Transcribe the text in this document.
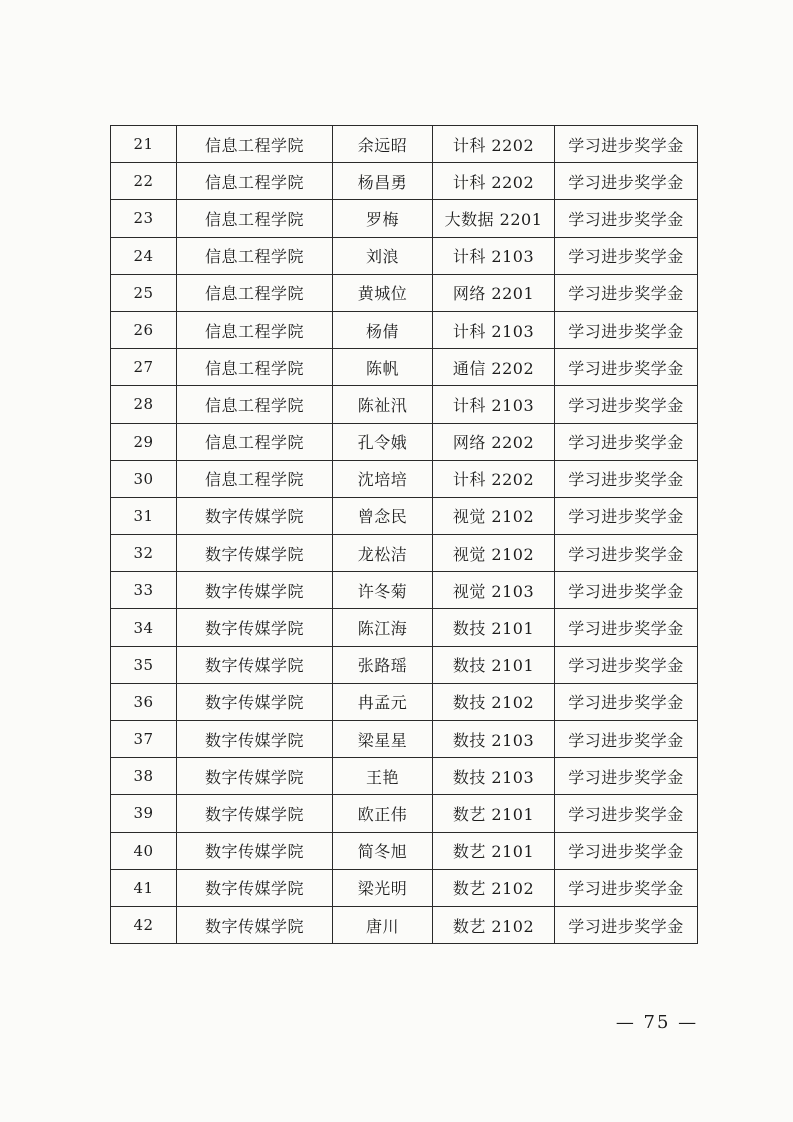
21	信息工程学院	余远昭	计科 2202	学习进步奖学金
22	信息工程学院	杨昌勇	计科 2202	学习进步奖学金
23	信息工程学院	罗梅	大数据 2201	学习进步奖学金
24	信息工程学院	刘浪	计科 2103	学习进步奖学金
25	信息工程学院	黄城位	网络 2201	学习进步奖学金
26	信息工程学院	杨倩	计科 2103	学习进步奖学金
27	信息工程学院	陈帆	通信 2202	学习进步奖学金
28	信息工程学院	陈祉汛	计科 2103	学习进步奖学金
29	信息工程学院	孔令娥	网络 2202	学习进步奖学金
30	信息工程学院	沈培培	计科 2202	学习进步奖学金
31	数字传媒学院	曾念民	视觉 2102	学习进步奖学金
32	数字传媒学院	龙松洁	视觉 2102	学习进步奖学金
33	数字传媒学院	许冬菊	视觉 2103	学习进步奖学金
34	数字传媒学院	陈江海	数技 2101	学习进步奖学金
35	数字传媒学院	张路瑶	数技 2101	学习进步奖学金
36	数字传媒学院	冉孟元	数技 2102	学习进步奖学金
37	数字传媒学院	梁星星	数技 2103	学习进步奖学金
38	数字传媒学院	王艳	数技 2103	学习进步奖学金
39	数字传媒学院	欧正伟	数艺 2101	学习进步奖学金
40	数字传媒学院	简冬旭	数艺 2101	学习进步奖学金
41	数字传媒学院	梁光明	数艺 2102	学习进步奖学金
42	数字传媒学院	唐川	数艺 2102	学习进步奖学金
— 75 —
